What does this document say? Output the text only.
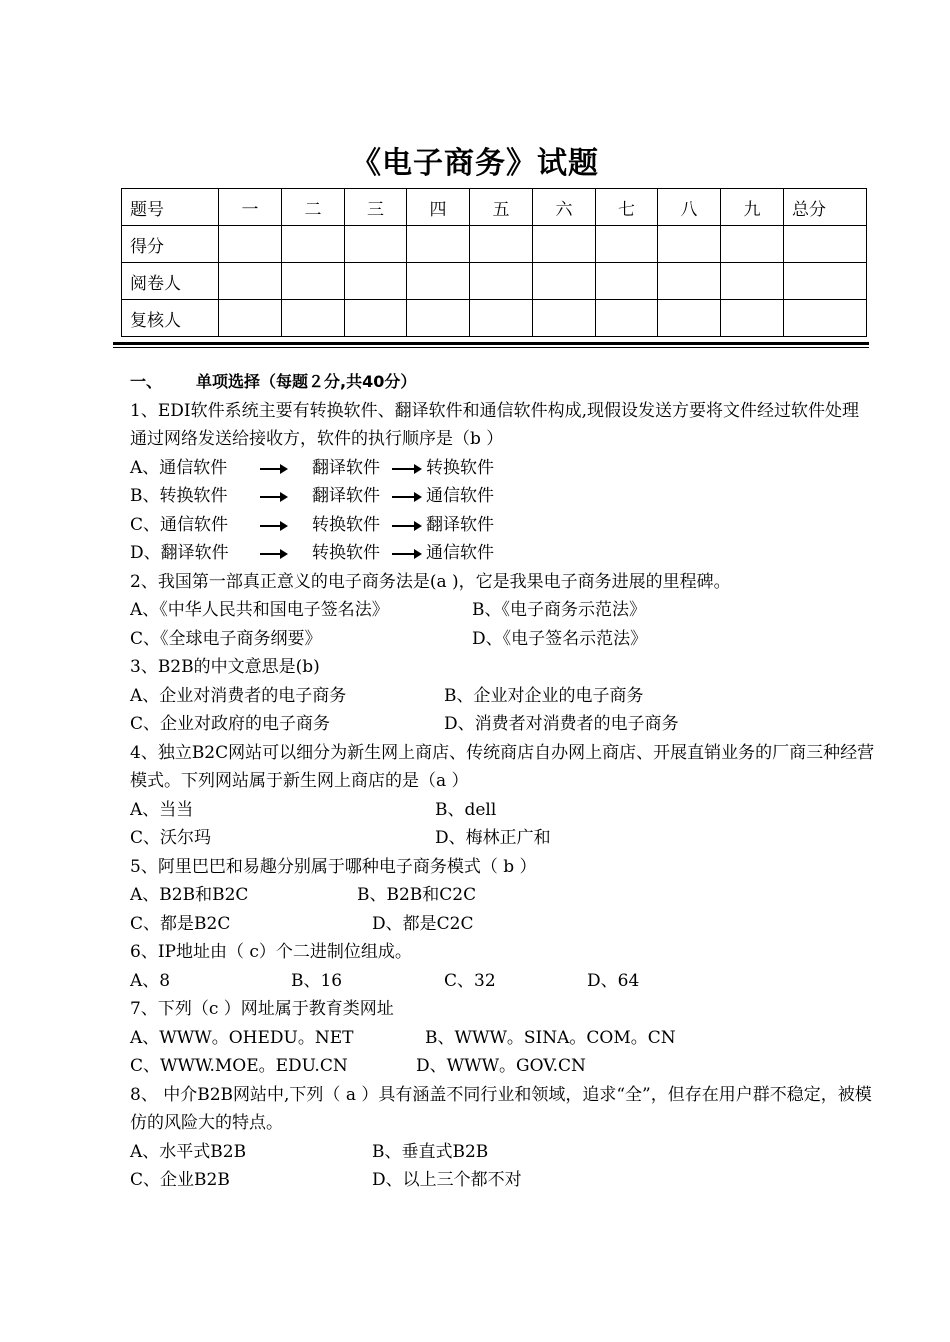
《电子商务》试题
题号	一	二	三	四	五	六	七	八	九	总分
得分										
阅卷人										
复核人										
一、 单项选择（每题２分,共40分）
1、EDI软件系统主要有转换软件、翻译软件和通信软件构成,现假设发送方要将文件经过软件处理通过网络发送给接收方，软件的执行顺序是（b ）
A、通信软件	翻译软件	转换软件
B、转换软件	翻译软件	通信软件
C、通信软件	转换软件	翻译软件
D、翻译软件	转换软件	通信软件
2、我国第一部真正意义的电子商务法是(a )，它是我果电子商务进展的里程碑。
A、《中华人民共和国电子签名法》	B、《电子商务示范法》
C、《全球电子商务纲要》	D、《电子签名示范法》
3、B2B的中文意思是(b)
A、企业对消费者的电子商务	B、企业对企业的电子商务
C、企业对政府的电子商务	D、消费者对消费者的电子商务
4、独立B2C网站可以细分为新生网上商店、传统商店自办网上商店、开展直销业务的厂商三种经营模式。下列网站属于新生网上商店的是（a ）
A、当当	B、dell
C、沃尔玛	D、梅林正广和
5、阿里巴巴和易趣分别属于哪种电子商务模式（ b ）
A、B2B和B2C	B、B2B和C2C
C、都是B2C	D、都是C2C
6、IP地址由（ c）个二进制位组成。
A、8	B、16	C、32	D、64
7、下列（c ）网址属于教育类网址
A、WWW。OHEDU。NET	B、WWW。SINA。COM。CN
C、WWW.MOE。EDU.CN	D、WWW。GOV.CN
8、 中介B2B网站中,下列（ a ）具有涵盖不同行业和领域，追求“全”，但存在用户群不稳定，被模仿的风险大的特点。
A、水平式B2B	B、垂直式B2B
C、企业B2B	D、以上三个都不对
